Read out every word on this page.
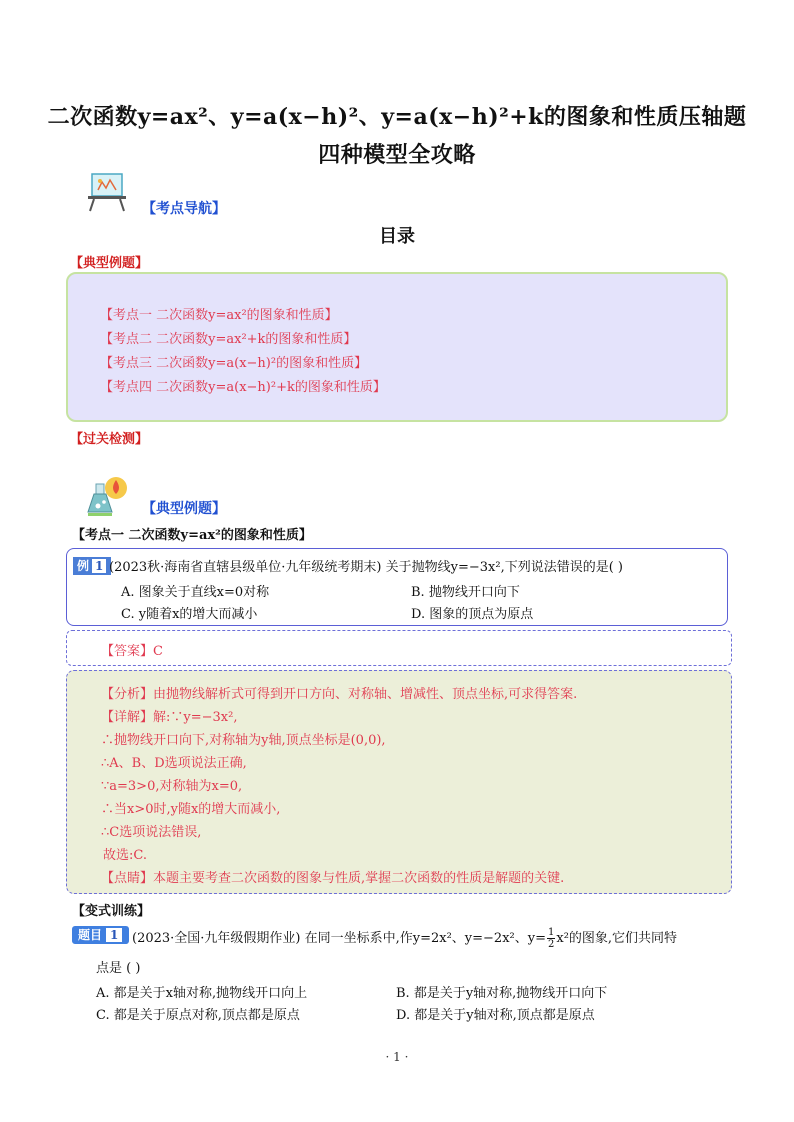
二次函数y=ax²、y=a(x−h)²、y=a(x−h)²+k的图象和性质压轴题
四种模型全攻略
【考点导航】
目录
【典型例题】
【考点一 二次函数y=ax²的图象和性质】
【考点二 二次函数y=ax²+k的图象和性质】
【考点三 二次函数y=a(x−h)²的图象和性质】
【考点四 二次函数y=a(x−h)²+k的图象和性质】
【过关检测】
【典型例题】
【考点一 二次函数y=ax²的图象和性质】
例 1 (2023秋·海南省直辖县级单位·九年级统考期末) 关于抛物线y=−3x²,下列说法错误的是( )
A. 图象关于直线x=0对称	B. 抛物线开口向下
C. y随着x的增大而减小	D. 图象的顶点为原点
【答案】C
【分析】由抛物线解析式可得到开口方向、对称轴、增减性、顶点坐标,可求得答案.
【详解】解:∵y=−3x²,
∴抛物线开口向下,对称轴为y轴,顶点坐标是(0,0),
∴A、B、D选项说法正确,
∵a=3>0,对称轴为x=0,
∴当x>0时,y随x的增大而减小,
∴C选项说法错误,
故选:C.
【点睛】本题主要考查二次函数的图象与性质,掌握二次函数的性质是解题的关键.
【变式训练】
题目 1	(2023·全国·九年级假期作业) 在同一坐标系中,作y=2x²、y=−2x²、$y= \frac{1}{2} x^2$的图象,它们共同特
点是 ( )
A. 都是关于x轴对称,抛物线开口向上	B. 都是关于y轴对称,抛物线开口向下
C. 都是关于原点对称,顶点都是原点	D. 都是关于y轴对称,顶点都是原点
· 1 ·
